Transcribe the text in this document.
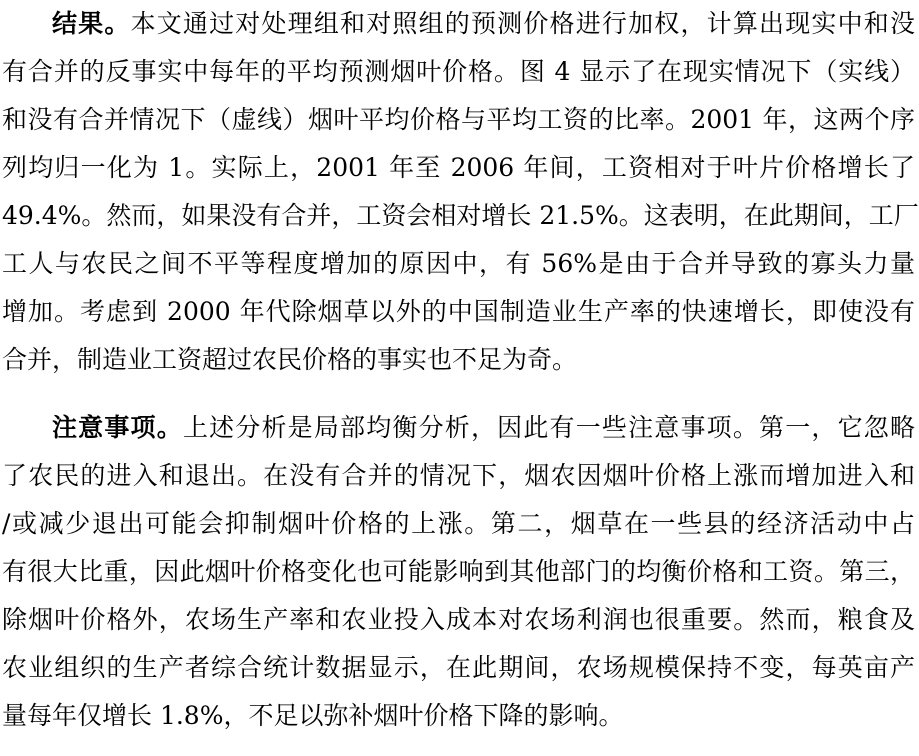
结果。本文通过对处理组和对照组的预测价格进行加权，计算出现实中和没
有合并的反事实中每年的平均预测烟叶价格。图 4 显示了在现实情况下（实线）
和没有合并情况下（虚线）烟叶平均价格与平均工资的比率。2001 年，这两个序
列均归一化为 1。实际上，2001 年至 2006 年间，工资相对于叶片价格增长了
49.4%。然而，如果没有合并，工资会相对增长 21.5%。这表明，在此期间，工厂
工人与农民之间不平等程度增加的原因中，有 56%是由于合并导致的寡头力量
增加。考虑到 2000 年代除烟草以外的中国制造业生产率的快速增长，即使没有
合并，制造业工资超过农民价格的事实也不足为奇。
注意事项。上述分析是局部均衡分析，因此有一些注意事项。第一，它忽略
了农民的进入和退出。在没有合并的情况下，烟农因烟叶价格上涨而增加进入和
/或减少退出可能会抑制烟叶价格的上涨。第二，烟草在一些县的经济活动中占
有很大比重，因此烟叶价格变化也可能影响到其他部门的均衡价格和工资。第三，
除烟叶价格外，农场生产率和农业投入成本对农场利润也很重要。然而，粮食及
农业组织的生产者综合统计数据显示，在此期间，农场规模保持不变，每英亩产
量每年仅增长 1.8%，不足以弥补烟叶价格下降的影响。
